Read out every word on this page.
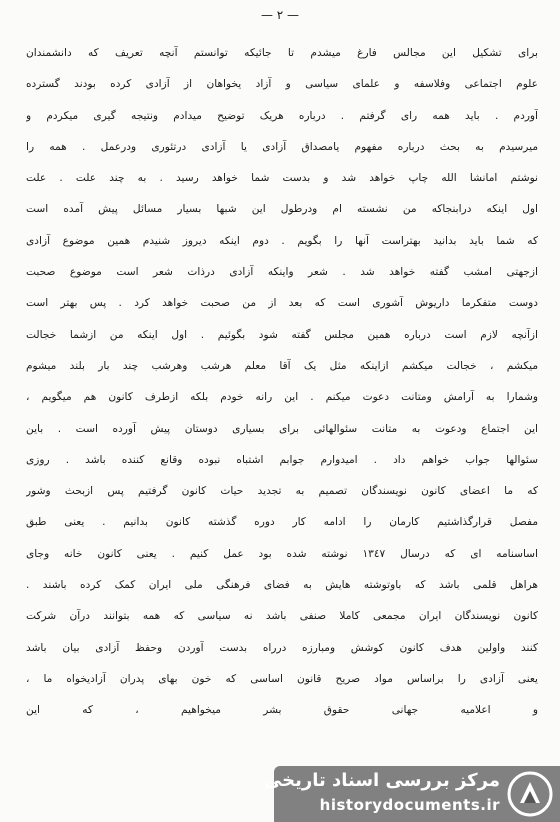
— ٢ —
برای تشکیل این مجالس فارغ میشدم تا جائیکه توانستم آنچه تعریف که دانشمندان
علوم اجتماعی وفلاسفه و علمای سیاسی و آزاد یخواهان از آزادی کرده بودند گسترده
آوردم . باید همه رای گرفتم . درباره هریک توضیح میدادم ونتیجه گیری میکردم و
میرسیدم به بحث درباره مفهوم یامصداق آزادی یا آزادی درتئوری ودرعمل . همه را
نوشتم امانشا الله چاپ خواهد شد و بدست شما خواهد رسید . به چند علت . علت
اول اینکه درابنجاکه من نشسته ام ودرطول این شبها بسیار مسائل پیش آمده است
که شما باید بدانید بهتراست آنها را بگویم . دوم اینکه دیروز شنیدم همین موضوع آزادی
ازجهتی امشب گفته خواهد شد . شعر واینکه آزادی درذات شعر است موضوع صحبت
دوست متفکرما داریوش آشوری است که بعد از من صحبت خواهد کرد . پس بهتر است
ازآنچه لازم است درباره همین مجلس گفته شود بگوئیم . اول اینکه من ازشما خجالت
میکشم ، خجالت میکشم ازاینکه مثل یک آقا معلم هرشب وهرشب چند بار بلند میشوم
وشمارا به آرامش ومتانت دعوت میکنم . این رانه خودم بلکه ازطرف کانون هم میگویم ،
این اجتماع ودعوت به متانت سئوالهائی برای بسیاری دوستان پیش آورده است . باین
سئوالها جواب خواهم داد . امیدوارم جوابم اشتباه نبوده وقانع کننده باشد . روزی
که ما اعضای کانون نویسندگان تصمیم به تجدید حیات کانون گرفتیم پس ازبحث وشور
مفصل قرارگذاشتیم کارمان را ادامه کار دوره گذشته کانون بدانیم . یعنی طبق
اساسنامه ای که درسال ١٣٤٧ نوشته شده بود عمل کنیم . یعنی کانون خانه وجای
هراهل قلمی باشد که باوتوشته هایش به فضای فرهنگی ملی ایران کمک کرده باشند .
کانون نویسندگان ایران مجمعی کاملا صنفی باشد نه سیاسی که همه بتوانند درآن شرکت
کنند واولین هدف کانون کوشش ومبارزه درراه بدست آوردن وحفظ آزادی بیان باشد
یعنی آزادی را براساس مواد صریح قانون اساسی که خون بهای پدران آزادیخواه ما ،
و اعلامیه جهانی حقوق بشر میخواهیم ، که این
مرکز بررسی اسناد تاریخی
historydocuments.ir
